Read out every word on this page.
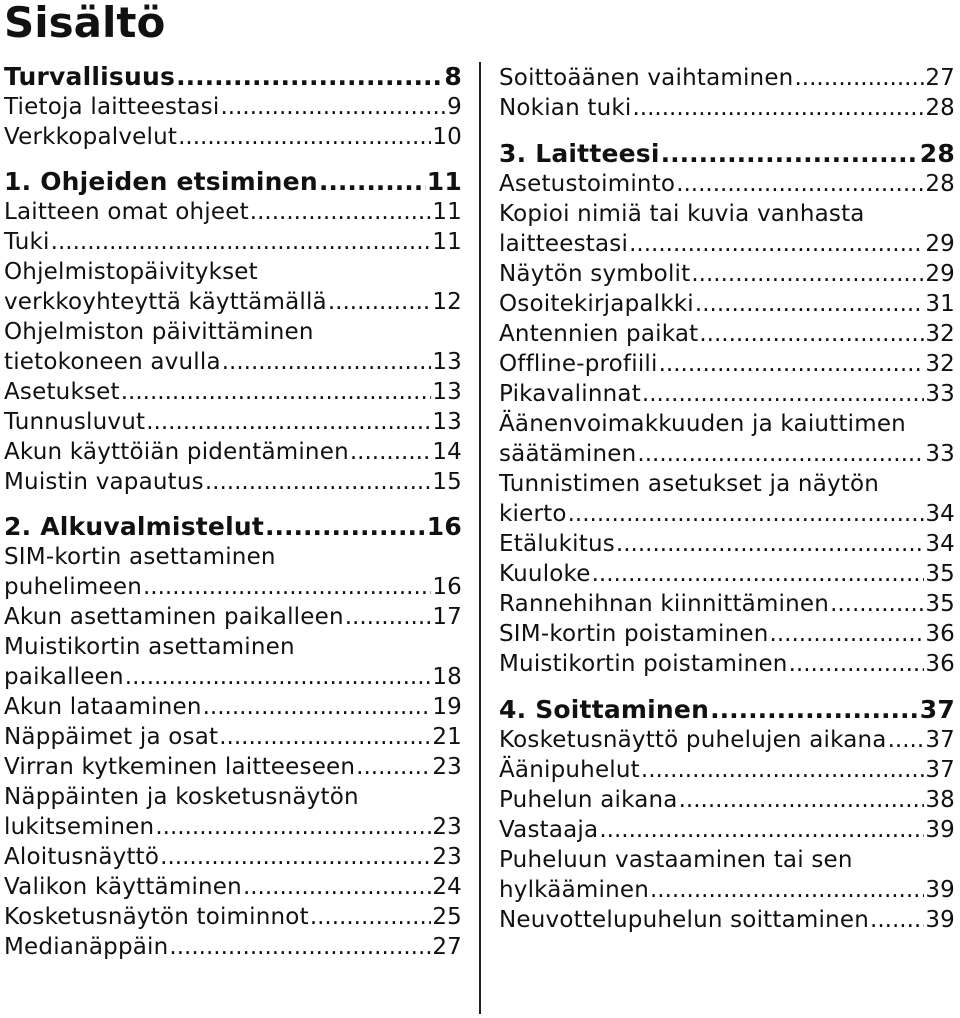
Sisältö
Turvallisuus .....	8
Tietoja laitteestasi .....	9
Verkkopalvelut .....	10
1. Ohjeiden etsiminen .....	11
Laitteen omat ohjeet .....	11
Tuki .....	11
Ohjelmistopäivitykset
verkkoyhteyttä käyttämällä .....	12
Ohjelmiston päivittäminen
tietokoneen avulla .....	13
Asetukset .....	13
Tunnusluvut .....	13
Akun käyttöiän pidentäminen .....	14
Muistin vapautus .....	15
2. Alkuvalmistelut .....	16
SIM-kortin asettaminen
puhelimeen .....	16
Akun asettaminen paikalleen .....	17
Muistikortin asettaminen
paikalleen .....	18
Akun lataaminen .....	19
Näppäimet ja osat .....	21
Virran kytkeminen laitteeseen .....	23
Näppäinten ja kosketusnäytön
lukitseminen .....	23
Aloitusnäyttö .....	23
Valikon käyttäminen .....	24
Kosketusnäytön toiminnot .....	25
Medianäppäin .....	27
Soittoäänen vaihtaminen .....	27
Nokian tuki .....	28
3. Laitteesi .....	28
Asetustoiminto .....	28
Kopioi nimiä tai kuvia vanhasta
laitteestasi .....	29
Näytön symbolit .....	29
Osoitekirjapalkki .....	31
Antennien paikat .....	32
Offline-profiili .....	32
Pikavalinnat .....	33
Äänenvoimakkuuden ja kaiuttimen
säätäminen .....	33
Tunnistimen asetukset ja näytön
kierto .....	34
Etälukitus .....	34
Kuuloke .....	35
Rannehihnan kiinnittäminen .....	35
SIM-kortin poistaminen .....	36
Muistikortin poistaminen .....	36
4. Soittaminen .....	37
Kosketusnäyttö puhelujen aikana ..... 37
Äänipuhelut .....	37
Puhelun aikana .....	38
Vastaaja .....	39
Puheluun vastaaminen tai sen
hylkääminen .....	39
Neuvottelupuhelun soittaminen ..... 39
